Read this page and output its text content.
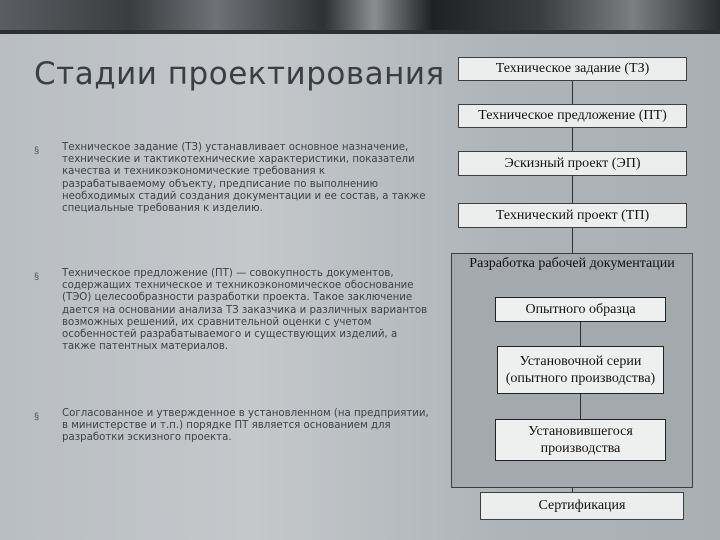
Стадии проектирования
§ Техническое задание (ТЗ) устанавливает основное назначение, технические и тактикотехнические характеристики, показатели качества и техникоэкономические требования к разрабатываемому объекту, предписание по выполнению необходимых стадий создания документации и ее состав, а также специальные требования к изделию.
§ Техническое предложение (ПТ) — совокупность документов, содержащих техническое и техникоэкономическое обоснование (ТЭО) целесообразности разработки проекта. Такое заключение дается на основании анализа ТЗ заказчика и различных вариантов возможных решений, их сравнительной оценки с учетом особенностей разрабатываемого и существующих изделий, а также патентных материалов.
§ Согласованное и утвержденное в установленном (на предприятии, в министерстве и т.п.) порядке ПТ является основанием для разработки эскизного проекта.
Техническое задание (ТЗ)
Техническое предложение (ПТ)
Эскизный проект (ЭП)
Технический проект (ТП)
Разработка рабочей документации
Опытного образца
Установочной серии (опытного производства)
Установившегося производства
Сертификация
